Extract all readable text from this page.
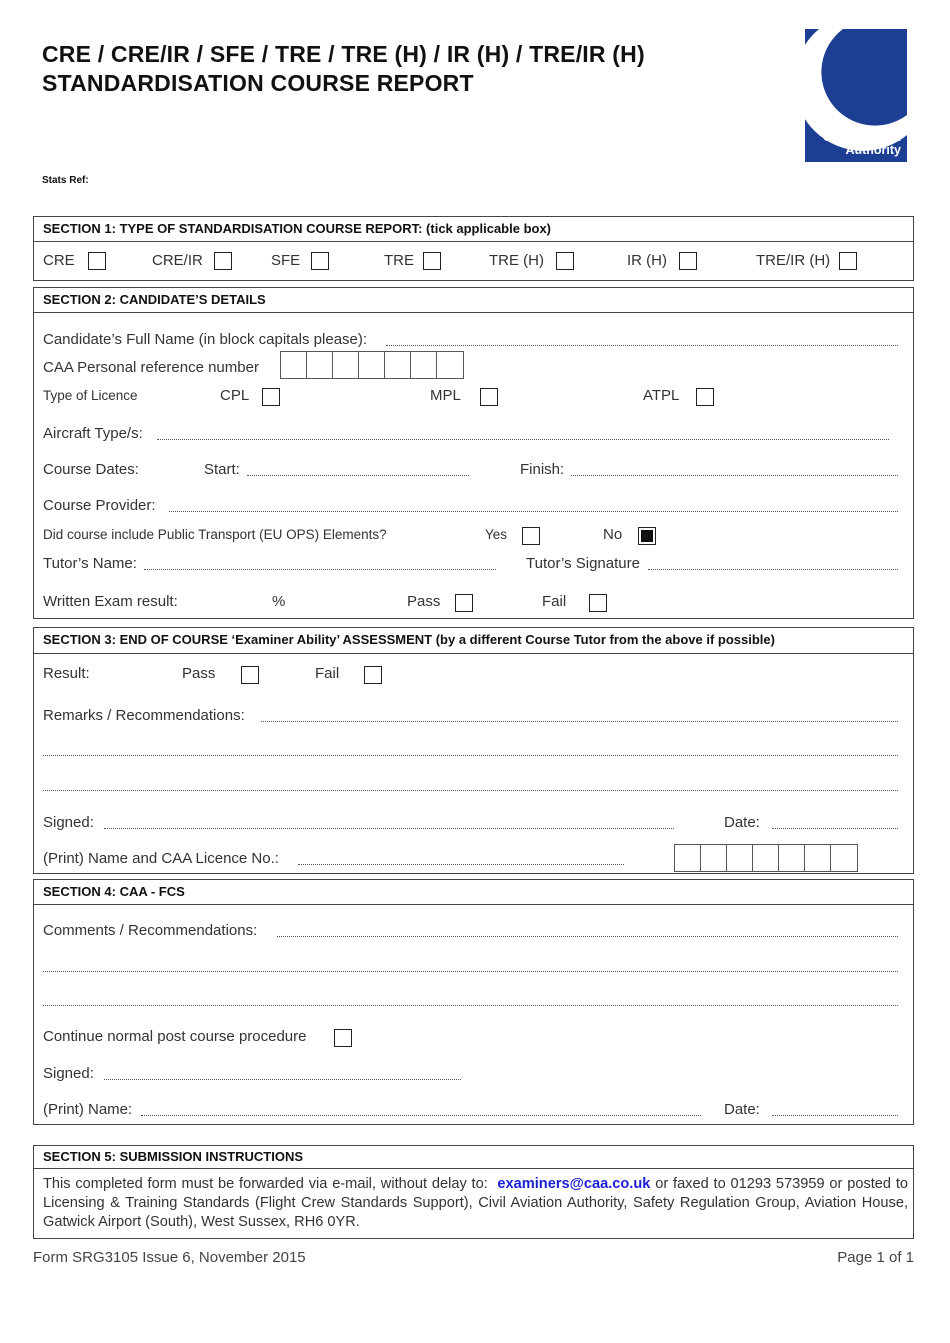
CRE / CRE/IR / SFE / TRE / TRE (H) / IR (H) / TRE/IR (H)
STANDARDISATION COURSE REPORT
Stats Ref:
Civil Aviation
Authority
SECTION 1: TYPE OF STANDARDISATION COURSE REPORT: (tick applicable box)
CRE	CRE/IR	SFE	TRE	TRE (H)	IR (H)	TRE/IR (H)
SECTION 2: CANDIDATE’S DETAILS
Candidate’s Full Name (in block capitals please):
CAA Personal reference number
Type of Licence	CPL	MPL	ATPL
Aircraft Type/s:
Course Dates:	Start:	Finish:
Course Provider:
Did course include Public Transport (EU OPS) Elements?	Yes	No
Tutor’s Name:	Tutor’s Signature
Written Exam result:	%	Pass	Fail
SECTION 3: END OF COURSE ‘Examiner Ability’ ASSESSMENT (by a different Course Tutor from the above if possible)
Result:	Pass	Fail
Remarks / Recommendations:
Signed:	Date:
(Print) Name and CAA Licence No.:
SECTION 4: CAA - FCS
Comments / Recommendations:
Continue normal post course procedure
Signed:
(Print) Name:	Date:
SECTION 5: SUBMISSION INSTRUCTIONS
This completed form must be forwarded via e-mail, without delay to: examiners@caa.co.uk or faxed to 01293 573959 or posted to Licensing & Training Standards (Flight Crew Standards Support), Civil Aviation Authority, Safety Regulation Group, Aviation House, Gatwick Airport (South), West Sussex, RH6 0YR.
Form SRG3105 Issue 6, November 2015	Page 1 of 1
